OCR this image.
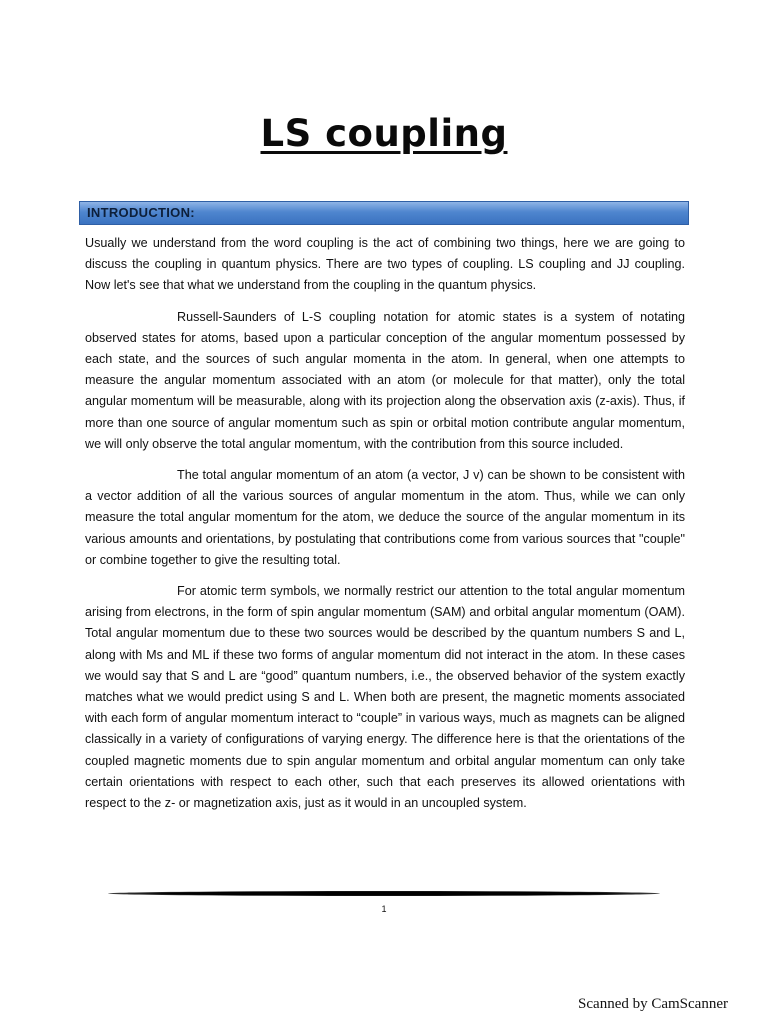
LS coupling
INTRODUCTION:

Usually we understand from the word coupling is the act of combining two things, here we are going to discuss the coupling in quantum physics. There are two types of coupling. LS coupling and JJ coupling. Now let's see that what we understand from the coupling in the quantum physics.

Russell-Saunders of L-S coupling notation for atomic states is a system of notating observed states for atoms, based upon a particular conception of the angular momentum possessed by each state, and the sources of such angular momenta in the atom. In general, when one attempts to measure the angular momentum associated with an atom (or molecule for that matter), only the total angular momentum will be measurable, along with its projection along the observation axis (z-axis). Thus, if more than one source of angular momentum such as spin or orbital motion contribute angular momentum, we will only observe the total angular momentum, with the contribution from this source included.

The total angular momentum of an atom (a vector, J v) can be shown to be consistent with a vector addition of all the various sources of angular momentum in the atom. Thus, while we can only measure the total angular momentum for the atom, we deduce the source of the angular momentum in its various amounts and orientations, by postulating that contributions come from various sources that "couple" or combine together to give the resulting total.

For atomic term symbols, we normally restrict our attention to the total angular momentum arising from electrons, in the form of spin angular momentum (SAM) and orbital angular momentum (OAM). Total angular momentum due to these two sources would be described by the quantum numbers S and L, along with Ms and ML if these two forms of angular momentum did not interact in the atom. In these cases we would say that S and L are “good” quantum numbers, i.e., the observed behavior of the system exactly matches what we would predict using S and L. When both are present, the magnetic moments associated with each form of angular momentum interact to “couple” in various ways, much as magnets can be aligned classically in a variety of configurations of varying energy. The difference here is that the orientations of the coupled magnetic moments due to spin angular momentum and orbital angular momentum can only take certain orientations with respect to each other, such that each preserves its allowed orientations with respect to the z- or magnetization axis, just as it would in an uncoupled system.

1
Scanned by CamScanner
